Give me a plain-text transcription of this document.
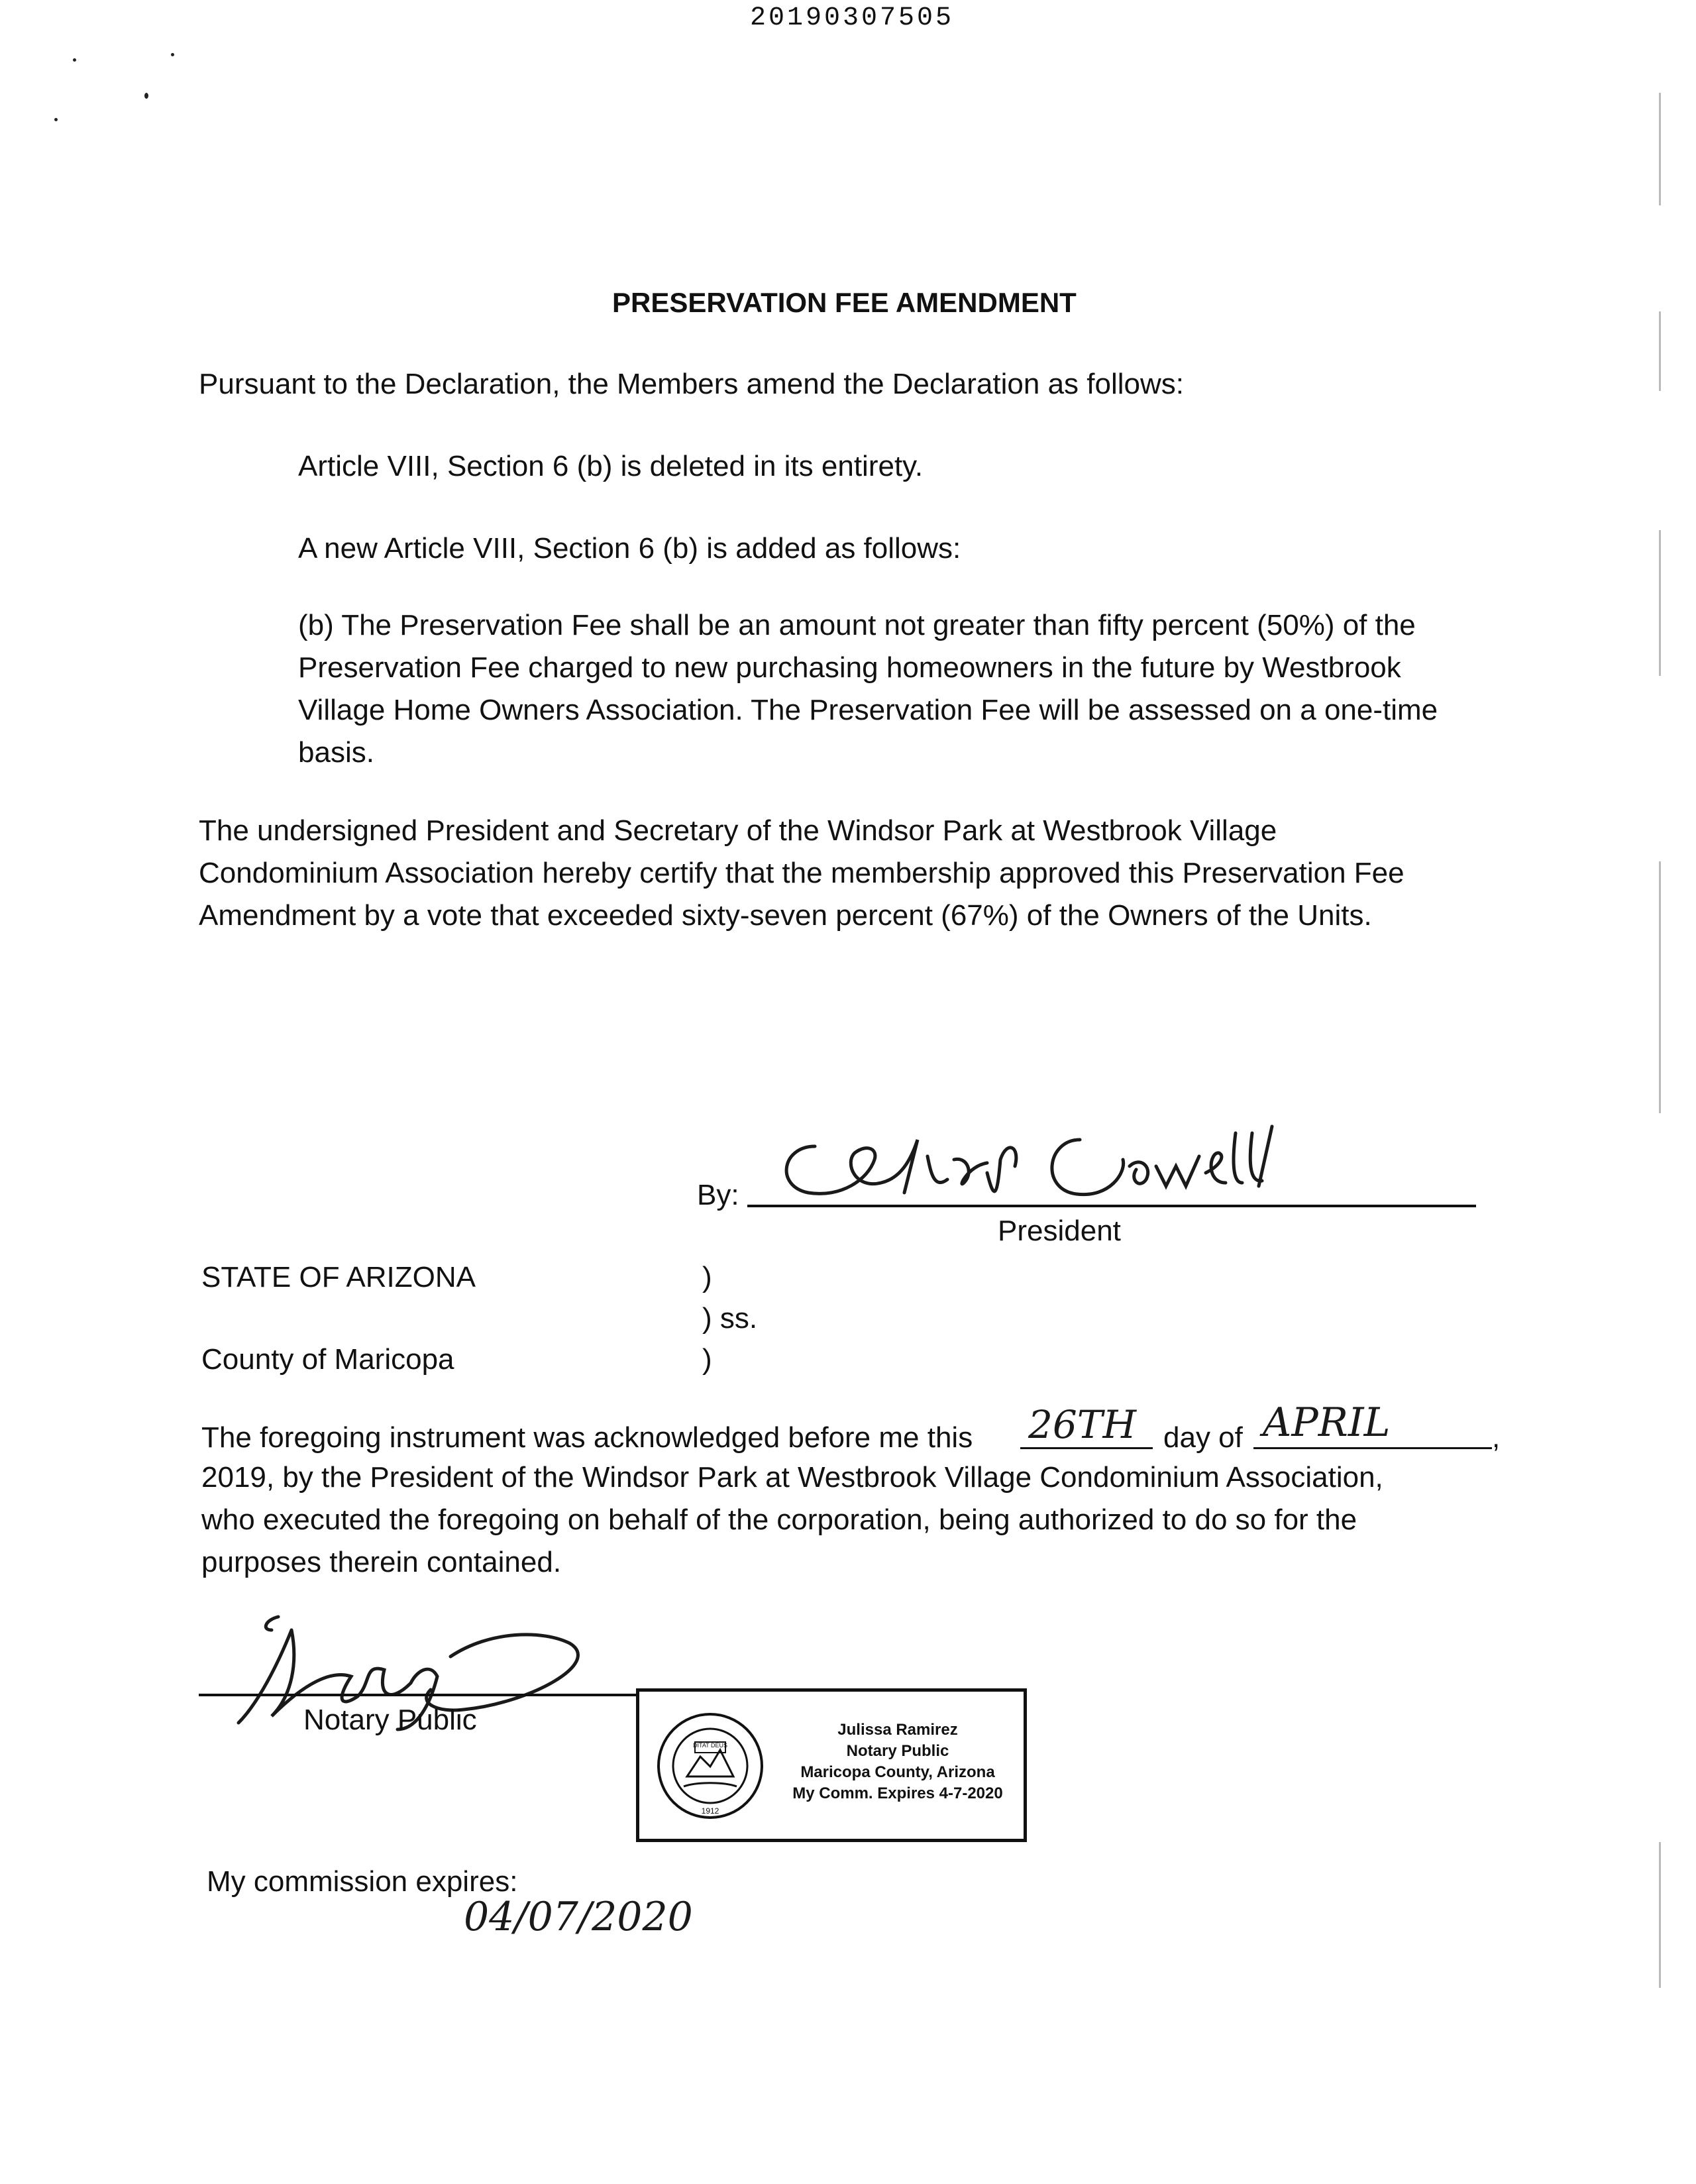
20190307505
PRESERVATION FEE AMENDMENT
Pursuant to the Declaration, the Members amend the Declaration as follows:
Article VIII, Section 6 (b) is deleted in its entirety.
A new Article VIII, Section 6 (b) is added as follows:
(b) The Preservation Fee shall be an amount not greater than fifty percent (50%) of the
Preservation Fee charged to new purchasing homeowners in the future by Westbrook
Village Home Owners Association. The Preservation Fee will be assessed on a one-time
basis.
The undersigned President and Secretary of the Windsor Park at Westbrook Village
Condominium Association hereby certify that the membership approved this Preservation Fee
Amendment by a vote that exceeded sixty-seven percent (67%) of the Owners of the Units.
By:
President
STATE OF ARIZONA	)
) ss.
County of Maricopa	)
The foregoing instrument was acknowledged before me this 26TH day of APRIL	,
2019, by the President of the Windsor Park at Westbrook Village Condominium Association,
who executed the foregoing on behalf of the corporation, being authorized to do so for the
purposes therein contained.
Notary Public
DITAT DEUS
1912
Julissa Ramirez
Notary Public
Maricopa County, Arizona
My Comm. Expires 4-7-2020
My commission expires:
04/07/2020
